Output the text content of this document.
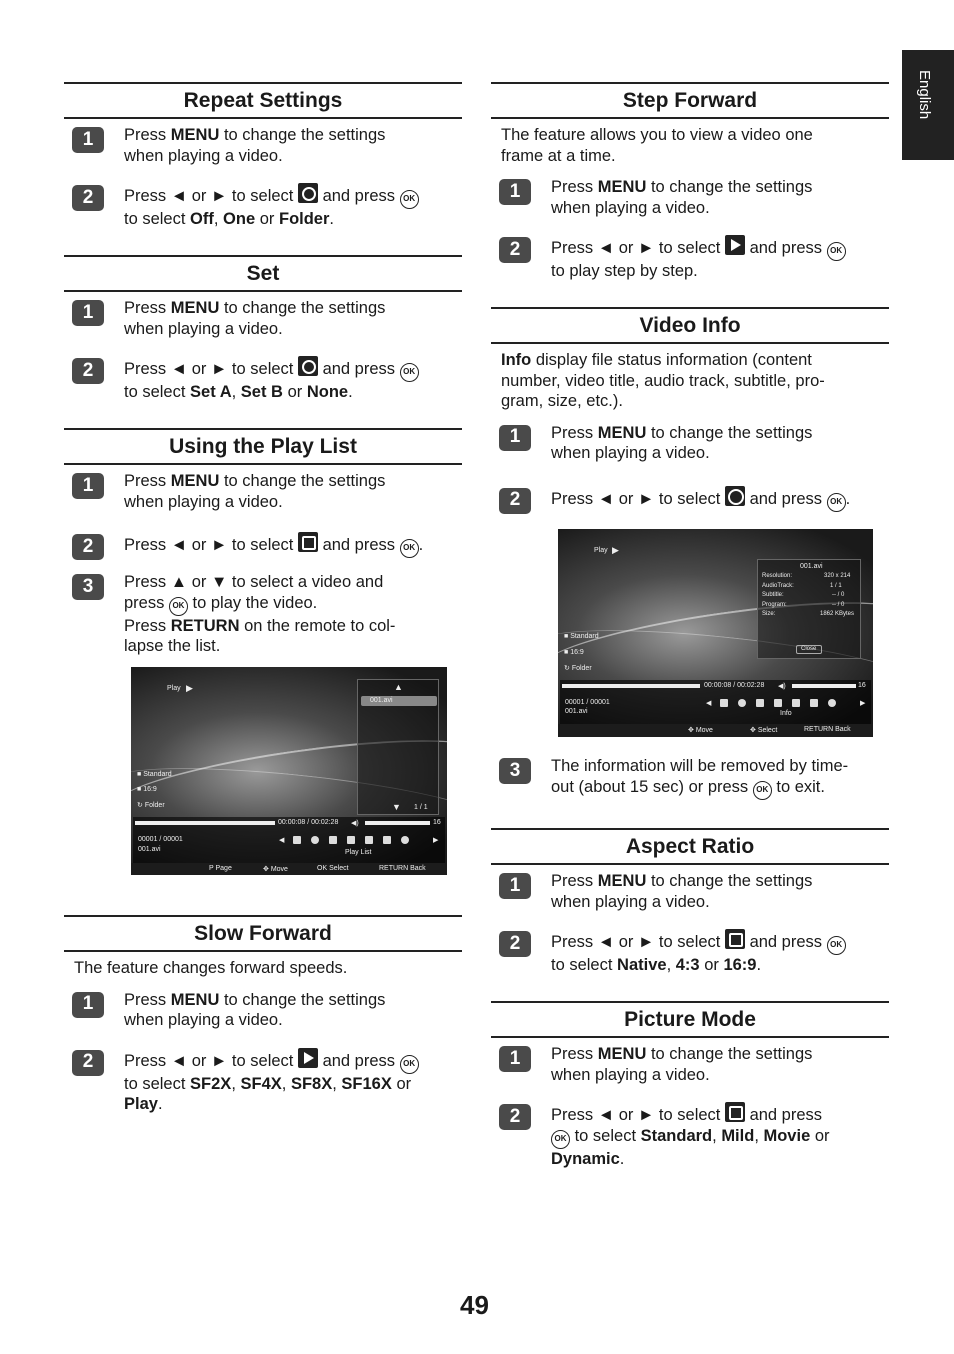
English
Repeat Settings
1	Press MENU to change the settings
when playing a video.
2	Press ◄ or ► to select and press OK
to select Off, One or Folder.
Set
1	Press MENU to change the settings
when playing a video.
2	Press ◄ or ► to select and press OK
to select Set A, Set B or None.
Using the Play List
1	Press MENU to change the settings
when playing a video.
2	Press ◄ or ► to select and press OK .
3	Press ▲ or ▼ to select a video and
press OK to play the video.
Press RETURN on the remote to col-
lapse the list.
Play ▶	▲
001.avi
▼ 1 / 1
■ Standard
■ 16:9
↻ Folder
00:00:08 / 00:02:28 ◀)	16
00001 / 00001
001.avi	Play List
◀	▶
P Page	✥ Move	OK Select	RETURN Back
Slow Forward
The feature changes forward speeds.
1	Press MENU to change the settings
when playing a video.
2	Press ◄ or ► to select and press OK
to select SF2X, SF4X, SF8X, SF16X or
Play.
Step Forward
The feature allows you to view a video one
frame at a time.
1	Press MENU to change the settings
when playing a video.
2	Press ◄ or ► to select and press OK
to play step by step.
Video Info
Info display file status information (content
number, video title, audio track, subtitle, pro-
gram, size, etc.).
1	Press MENU to change the settings
when playing a video.
2	Press ◄ or ► to select and press OK .
Play ▶
001.avi
Resolution:	320 x 214
AudioTrack:	1 / 1
Subtitle:	-- / 0
Program:	-- / 0
Size:	1862 KBytes
Close
■ Standard
■ 16:9
↻ Folder
00:00:08 / 00:02:28 ◀)	16
00001 / 00001
001.avi	Info
◀	▶
✥ Move	✥ Select	RETURN Back
3	The information will be removed by time-
out (about 15 sec) or press OK to exit.
Aspect Ratio
1	Press MENU to change the settings
when playing a video.
2	Press ◄ or ► to select and press OK
to select Native, 4:3 or 16:9.
Picture Mode
1	Press MENU to change the settings
when playing a video.
2	Press ◄ or ► to select and press
OK to select Standard, Mild, Movie or
Dynamic.
49
